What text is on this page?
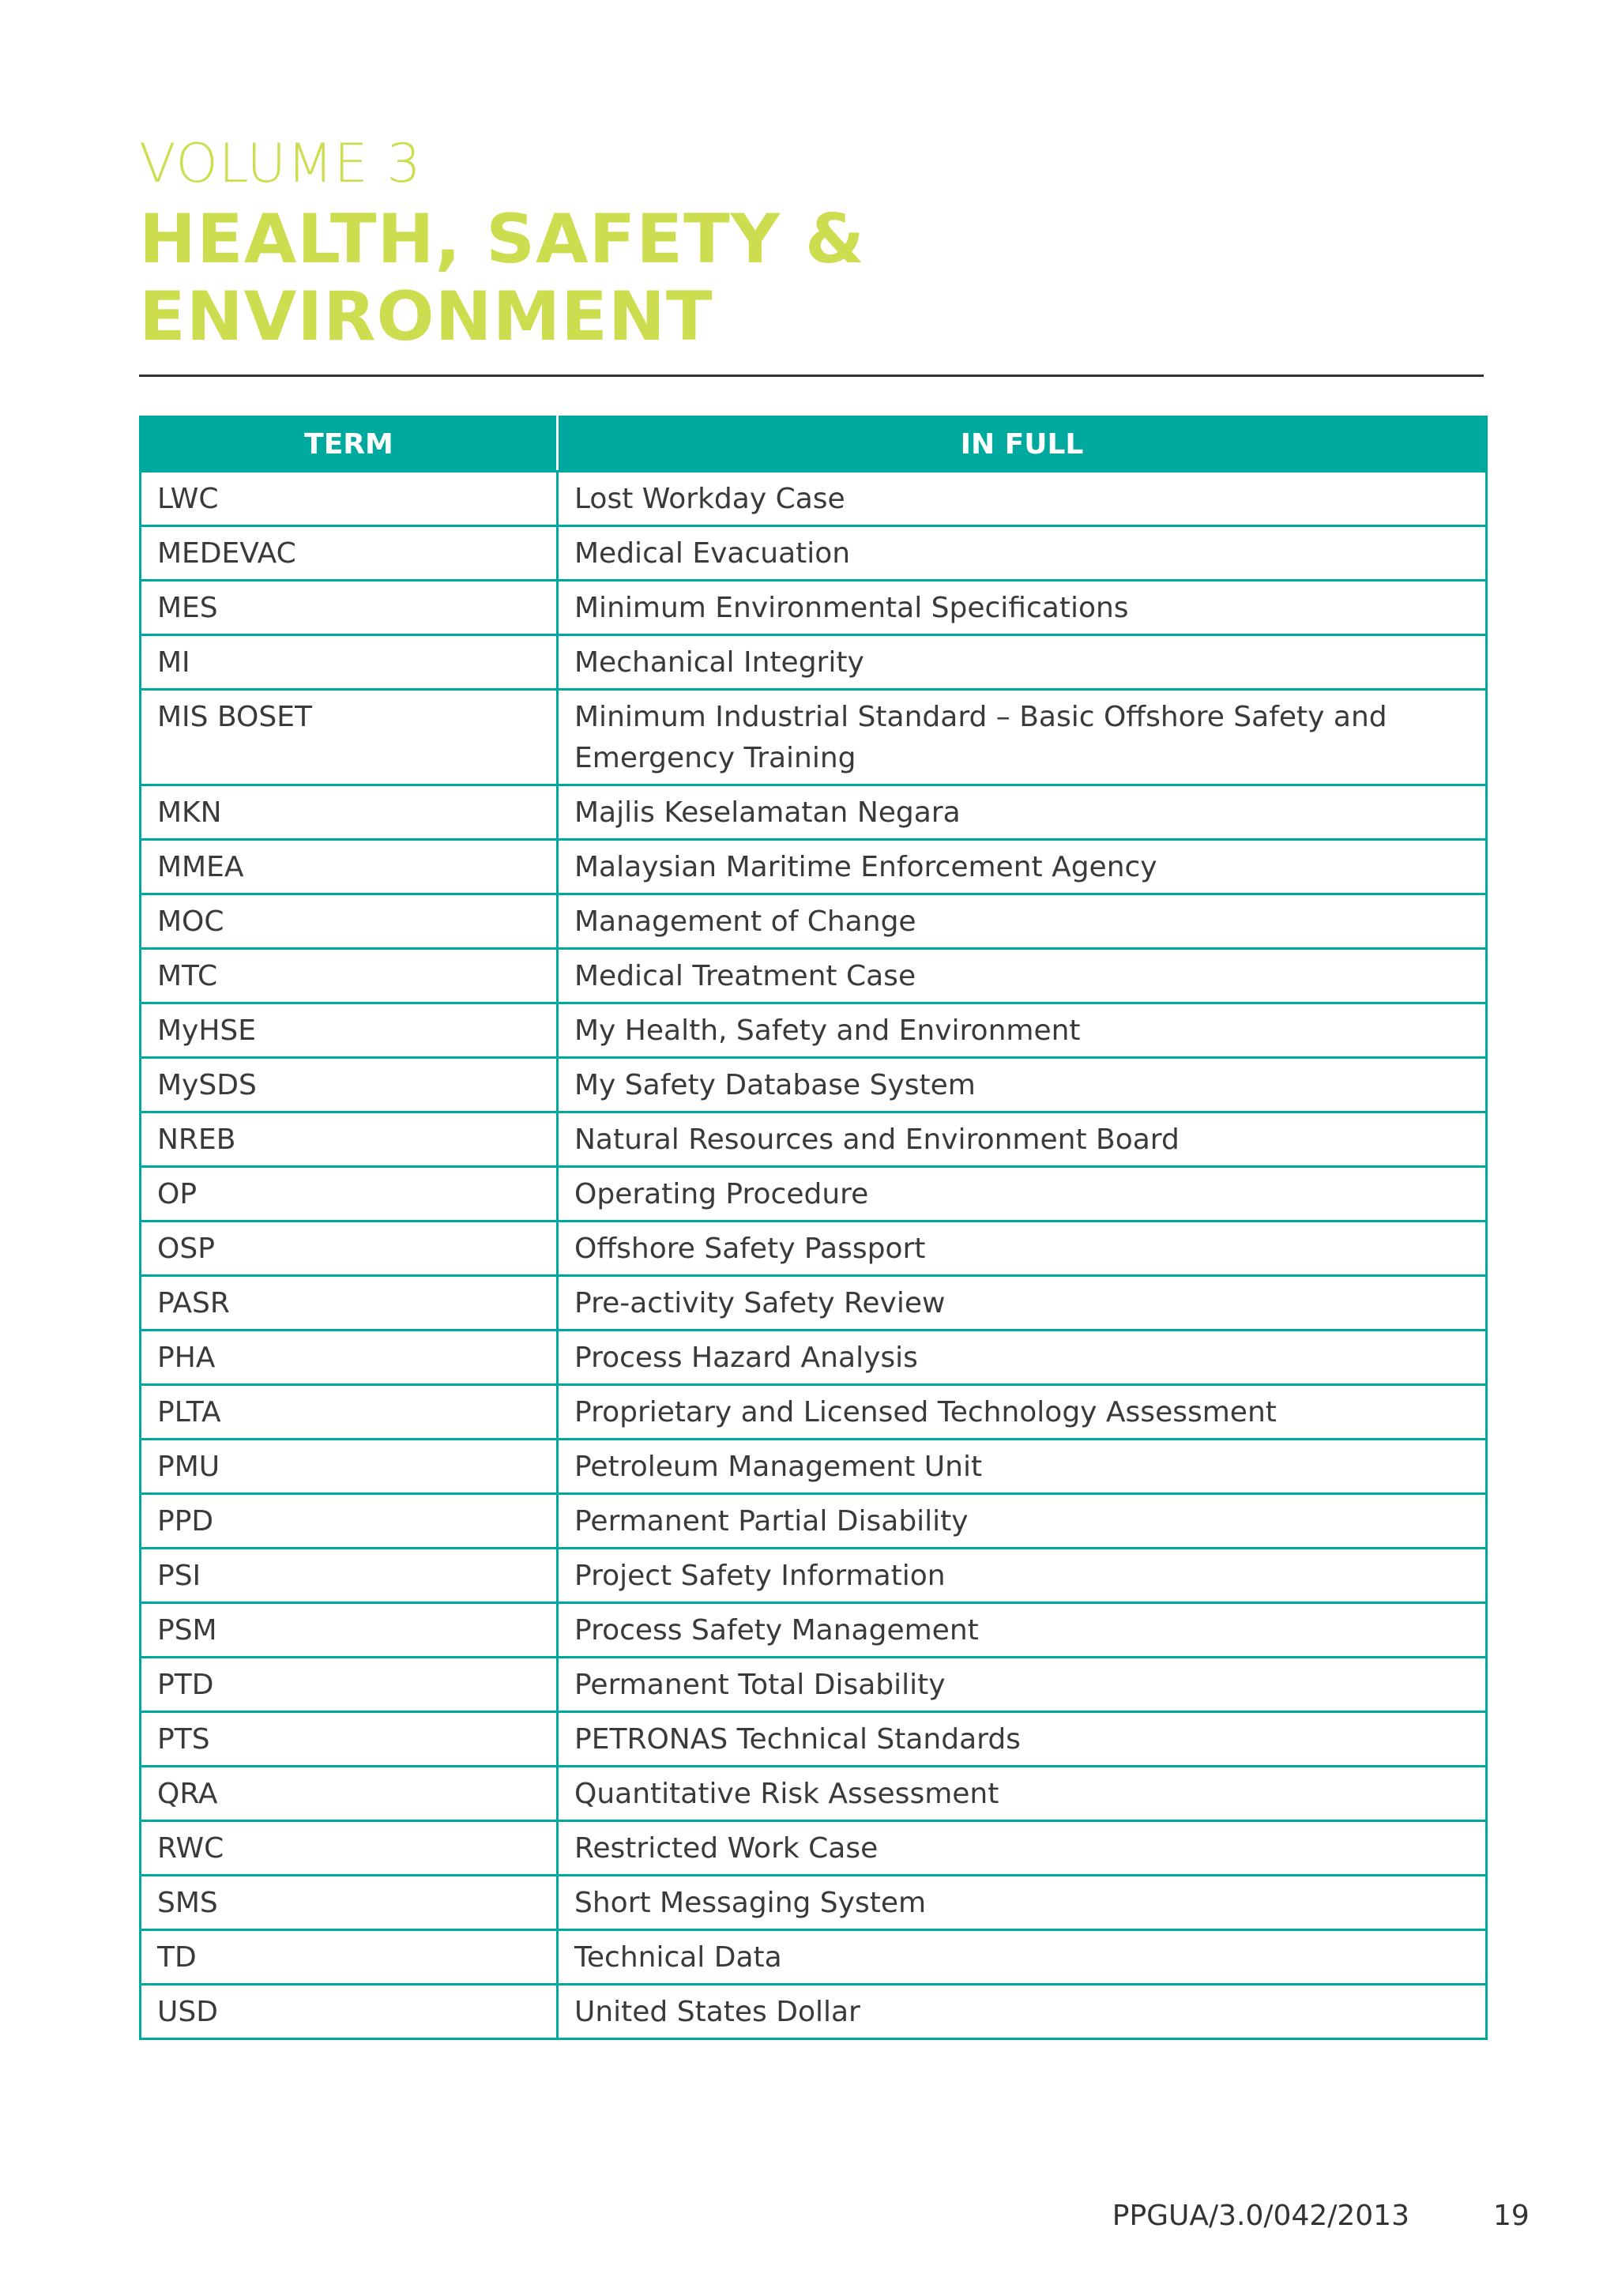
VOLUME 3

HEALTH, SAFETY &
ENVIRONMENT
TERM	IN FULL
LWC	Lost Workday Case
MEDEVAC	Medical Evacuation
MES	Minimum Environmental Specifications
MI	Mechanical Integrity
MIS BOSET	Minimum Industrial Standard – Basic Offshore Safety and Emergency Training
MKN	Majlis Keselamatan Negara
MMEA	Malaysian Maritime Enforcement Agency
MOC	Management of Change
MTC	Medical Treatment Case
MyHSE	My Health, Safety and Environment
MySDS	My Safety Database System
NREB	Natural Resources and Environment Board
OP	Operating Procedure
OSP	Offshore Safety Passport
PASR	Pre-activity Safety Review
PHA	Process Hazard Analysis
PLTA	Proprietary and Licensed Technology Assessment
PMU	Petroleum Management Unit
PPD	Permanent Partial Disability
PSI	Project Safety Information
PSM	Process Safety Management
PTD	Permanent Total Disability
PTS	PETRONAS Technical Standards
QRA	Quantitative Risk Assessment
RWC	Restricted Work Case
SMS	Short Messaging System
TD	Technical Data
USD	United States Dollar
PPGUA/3.0/042/2013	19
